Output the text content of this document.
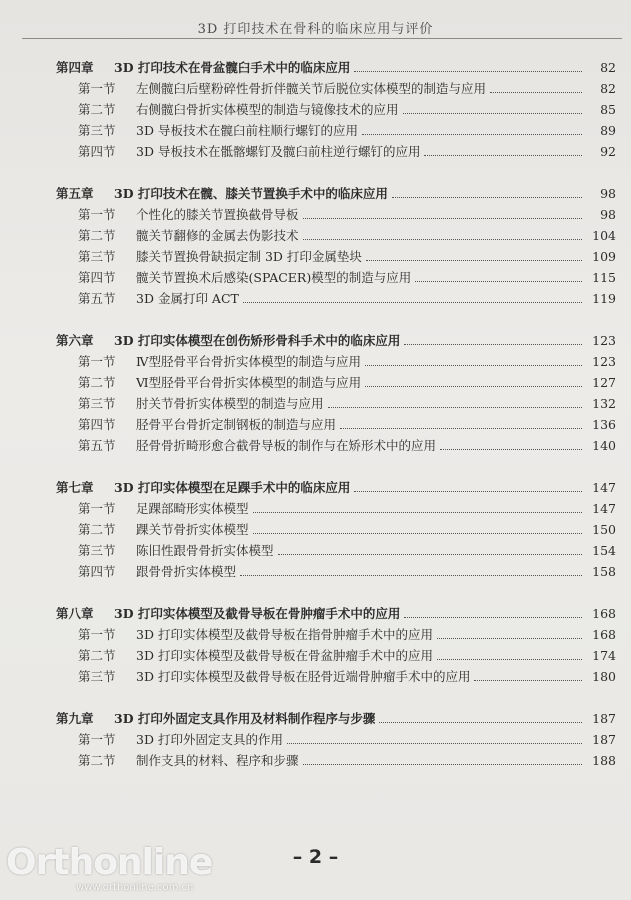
3D 打印技术在骨科的临床应用与评价
第四章	3D 打印技术在骨盆髋臼手术中的临床应用	82
第一节	左侧髋臼后壁粉碎性骨折伴髋关节后脱位实体模型的制造与应用	82
第二节	右侧髋臼骨折实体模型的制造与镜像技术的应用	85
第三节	3D 导板技术在髋臼前柱顺行螺钉的应用	89
第四节	3D 导板技术在骶髂螺钉及髋臼前柱逆行螺钉的应用	92
第五章	3D 打印技术在髋、膝关节置换手术中的临床应用	98
第一节	个性化的膝关节置换截骨导板	98
第二节	髋关节翻修的金属去伪影技术	104
第三节	膝关节置换骨缺损定制 3D 打印金属垫块	109
第四节	髋关节置换术后感染(SPACER)模型的制造与应用	115
第五节	3D 金属打印 ACT	119
第六章	3D 打印实体模型在创伤矫形骨科手术中的临床应用	123
第一节	Ⅳ型胫骨平台骨折实体模型的制造与应用	123
第二节	Ⅵ型胫骨平台骨折实体模型的制造与应用	127
第三节	肘关节骨折实体模型的制造与应用	132
第四节	胫骨平台骨折定制钢板的制造与应用	136
第五节	胫骨骨折畸形愈合截骨导板的制作与在矫形术中的应用	140
第七章	3D 打印实体模型在足踝手术中的临床应用	147
第一节	足踝部畸形实体模型	147
第二节	踝关节骨折实体模型	150
第三节	陈旧性跟骨骨折实体模型	154
第四节	跟骨骨折实体模型	158
第八章	3D 打印实体模型及截骨导板在骨肿瘤手术中的应用	168
第一节	3D 打印实体模型及截骨导板在指骨肿瘤手术中的应用	168
第二节	3D 打印实体模型及截骨导板在骨盆肿瘤手术中的应用	174
第三节	3D 打印实体模型及截骨导板在胫骨近端骨肿瘤手术中的应用	180
第九章	3D 打印外固定支具作用及材料制作程序与步骤	187
第一节	3D 打印外固定支具的作用	187
第二节	制作支具的材料、程序和步骤	188
– 2 –
Orthonline
www.orthonline.com.cn
